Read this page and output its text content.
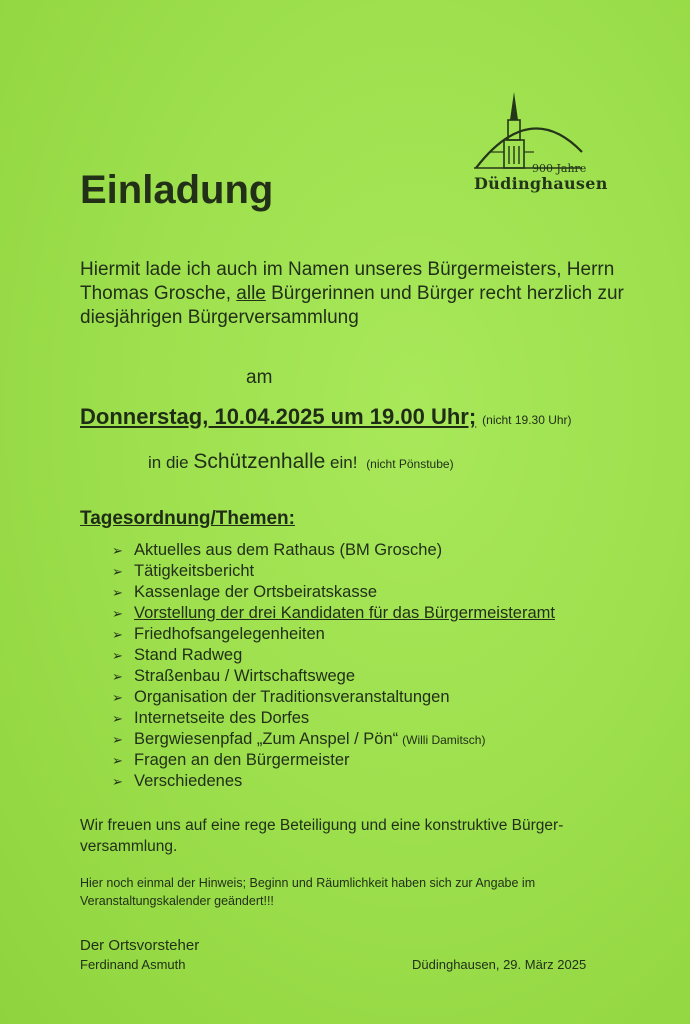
900 Jahre
Düdinghausen
Einladung
Hiermit lade ich auch im Namen unseres Bürgermeisters, Herrn Thomas Grosche, alle Bürgerinnen und Bürger recht herzlich zur diesjährigen Bürgerversammlung
am
Donnerstag, 10.04.2025 um 19.00 Uhr; (nicht 19.30 Uhr)
in die Schützenhalle ein! (nicht Pönstube)
Tagesordnung/Themen:
➢ Aktuelles aus dem Rathaus (BM Grosche)
➢ Tätigkeitsbericht
➢ Kassenlage der Ortsbeiratskasse
➢ Vorstellung der drei Kandidaten für das Bürgermeisteramt
➢ Friedhofsangelegenheiten
➢ Stand Radweg
➢ Straßenbau / Wirtschaftswege
➢ Organisation der Traditionsveranstaltungen
➢ Internetseite des Dorfes
➢ Bergwiesenpfad „Zum Anspel / Pön“ (Willi Damitsch)
➢ Fragen an den Bürgermeister
➢ Verschiedenes
Wir freuen uns auf eine rege Beteiligung und eine konstruktive Bürger-versammlung.
Hier noch einmal der Hinweis; Beginn und Räumlichkeit haben sich zur Angabe im Veranstaltungskalender geändert!!!
Der Ortsvorsteher
Ferdinand Asmuth	Düdinghausen, 29. März 2025
